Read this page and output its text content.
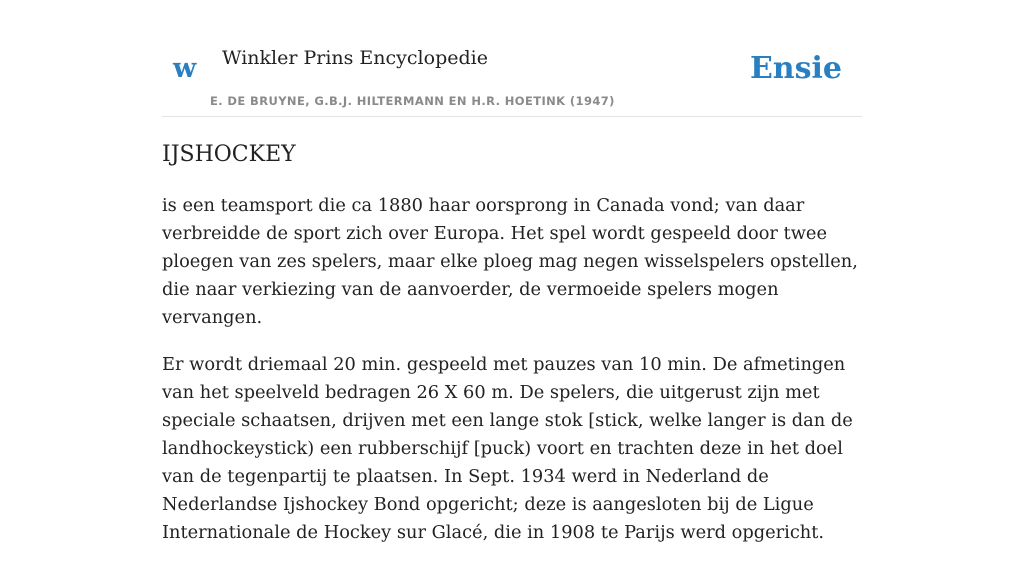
w Winkler Prins Encyclopedie
E. DE BRUYNE, G.B.J. HILTERMANN EN H.R. HOETINK (1947)
Ensie
IJSHOCKEY

is een teamsport die ca 1880 haar oorsprong in Canada vond; van daar verbreidde de sport zich over Europa. Het spel wordt gespeeld door twee ploegen van zes spelers, maar elke ploeg mag negen wisselspelers opstellen, die naar verkiezing van de aanvoerder, de vermoeide spelers mogen vervangen.

Er wordt driemaal 20 min. gespeeld met pauzes van 10 min. De afmetingen van het speelveld bedragen 26 X 60 m. De spelers, die uitgerust zijn met speciale schaatsen, drijven met een lange stok [stick, welke langer is dan de landhockeystick) een rubberschijf [puck) voort en trachten deze in het doel van de tegenpartij te plaatsen. In Sept. 1934 werd in Nederland de Nederlandse Ijshockey Bond opgericht; deze is aangesloten bij de Ligue Internationale de Hockey sur Glacé, die in 1908 te Parijs werd opgericht.
